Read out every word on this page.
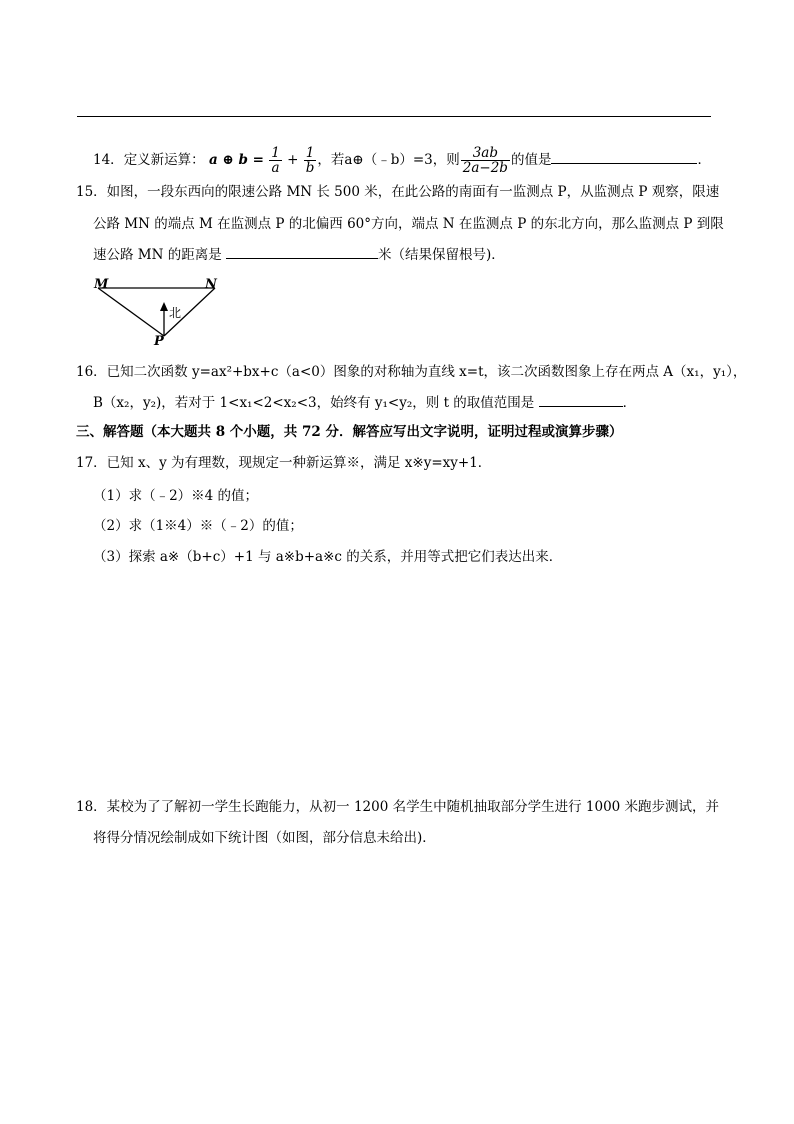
14．定义新运算： a ⊕ $b = \frac{1}{a} + \frac{1}{b}$ ，若a⊕（﹣b）=3，则 $\frac{3ab}{2a-2b}$ 的值是	．
15．如图，一段东西向的限速公路 MN 长 500 米，在此公路的南面有一监测点 P，从监测点 P 观察，限速
公路 MN 的端点 M 在监测点 P 的北偏西 60°方向，端点 N 在监测点 P 的东北方向，那么监测点 P 到限
速公路 MN 的距离是	米（结果保留根号)．
M	N
P
北
16．已知二次函数 y=ax²+bx+c（a<0）图象的对称轴为直线 x=t，该二次函数图象上存在两点 A（x₁，y₁），
B（x₂，y₂)，若对于 1<x₁<2<x₂<3，始终有 y₁<y₂，则 t 的取值范围是	．
三、解答题（本大题共 8 个小题，共 72 分．解答应写出文字说明，证明过程或演算步骤）
17．已知 x、y 为有理数，现规定一种新运算※，满足 x※y=xy+1．
（1）求（﹣2）※4 的值；
（2）求（1※4）※（﹣2）的值；
（3）探索 a※（b+c）+1 与 a※b+a※c 的关系，并用等式把它们表达出来．
18．某校为了了解初一学生长跑能力，从初一 1200 名学生中随机抽取部分学生进行 1000 米跑步测试，并
将得分情况绘制成如下统计图（如图，部分信息未给出)．
